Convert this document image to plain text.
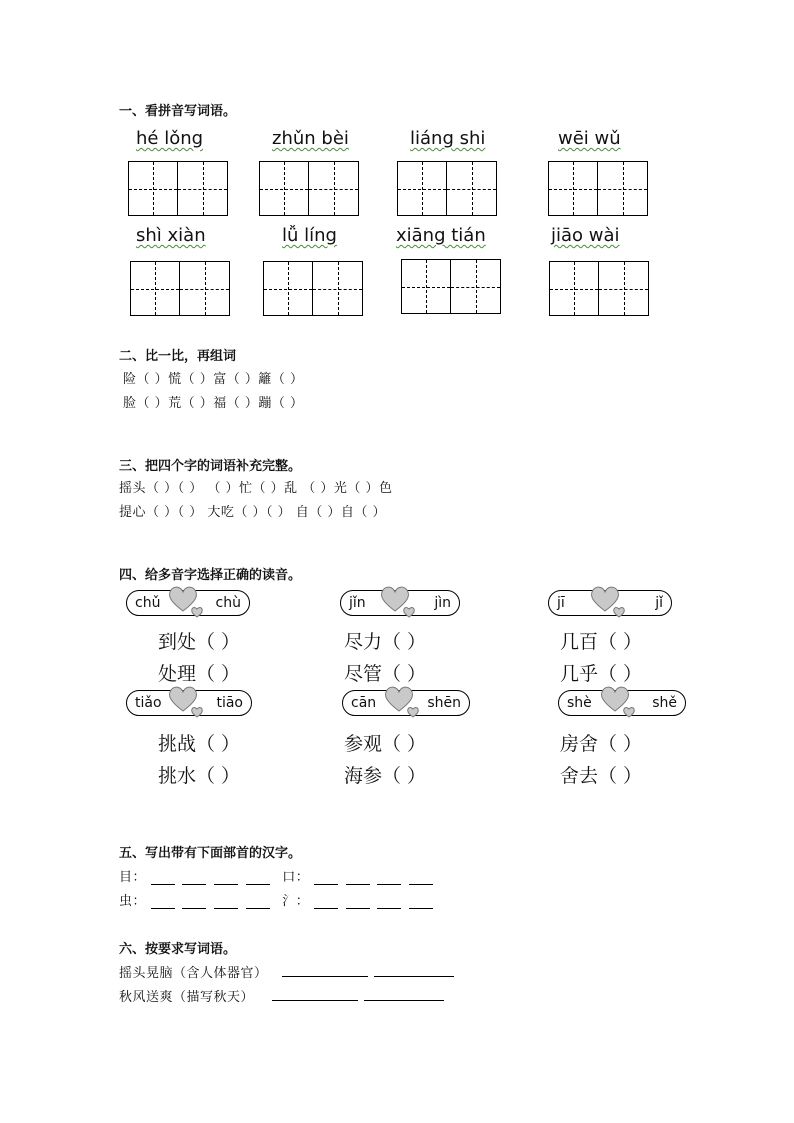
一、看拼音写词语。
hé lǒng	zhǔn bèi	liáng shi	wēi wǔ
shì xiàn	lǚ líng	xiāng tián	jiāo wài
二、比一比，再组词
险（ ）慌（ ）富（ ）籬（ ）
脸（ ）荒（ ）福（ ）蹦（ ）
三、把四个字的词语补充完整。
摇头（ ）（ ） （ ）忙（ ）乱 （ ）光（ ）色
提心（ ）（ ） 大吃（ ）（ ） 自（ ）自（ ）
四、给多音字选择正确的读音。
chǔ	chù
到处（ ）
处理（ ）
jǐn	jìn
尽力（ ）
尽管（ ）
jī	jǐ
几百（ ）
几乎（ ）
tiǎo	tiāo
挑战（ ）
挑水（ ）
cān	shēn
参观（ ）
海参（ ）
shè	shě
房舍（ ）
舍去（ ）
五、写出带有下面部首的汉字。
目：	口：
虫：	氵：
六、按要求写词语。
摇头晃脑（含人体器官）
秋风送爽（描写秋天）
